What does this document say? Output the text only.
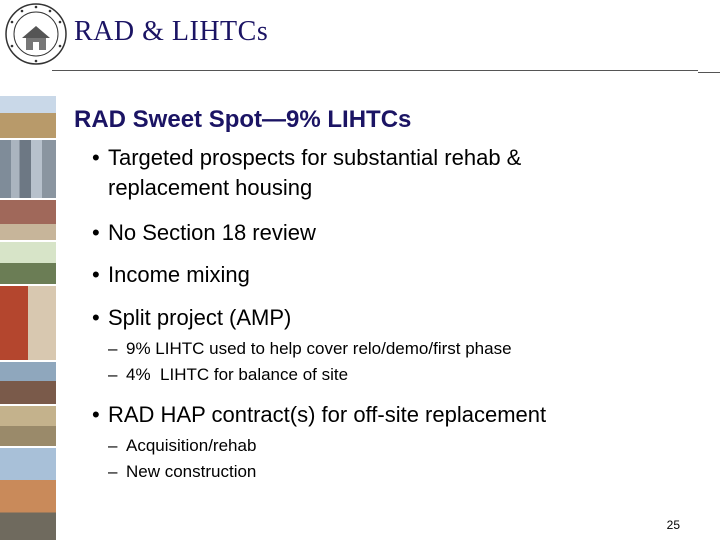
RAD & LIHTCs
RAD Sweet Spot—9% LIHTCs
• Targeted prospects for substantial rehab &
replacement housing
• No Section 18 review
• Income mixing
• Split project (AMP)
– 9% LIHTC used to help cover relo/demo/first phase
– 4%  LIHTC for balance of site
• RAD HAP contract(s) for off-site replacement
– Acquisition/rehab
– New construction
25
